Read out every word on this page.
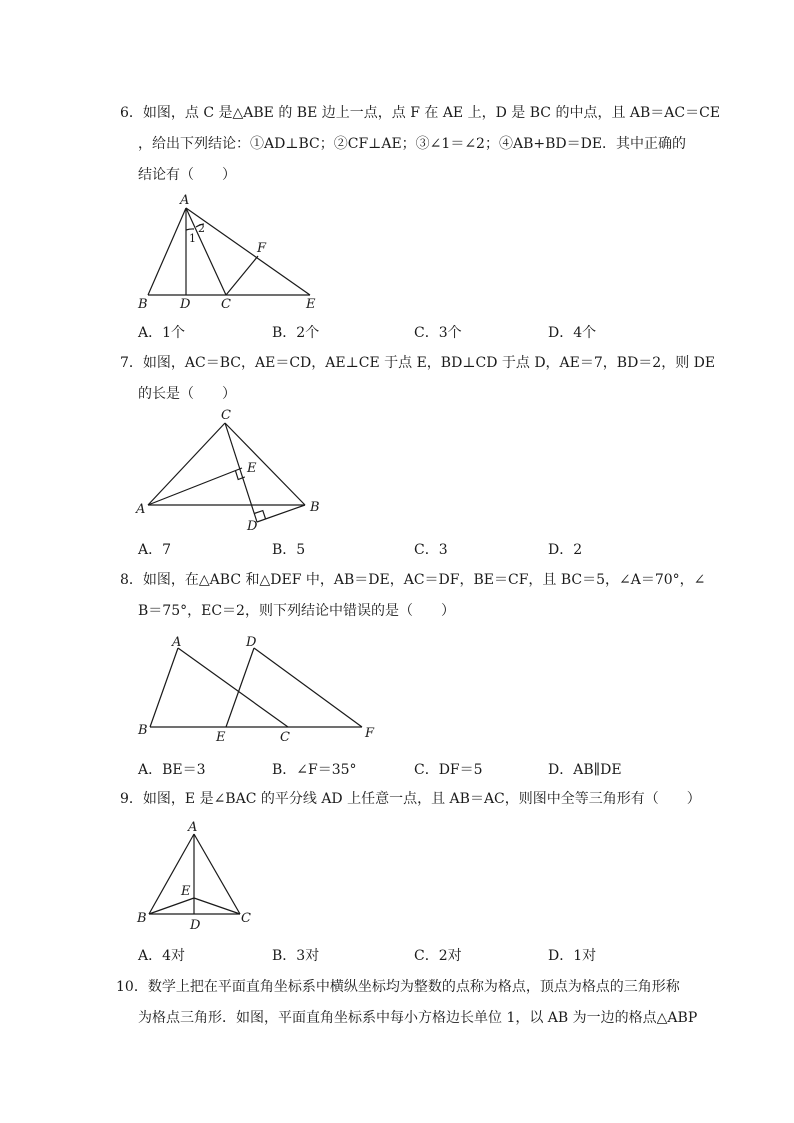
6．如图，点 C 是△ABE 的 BE 边上一点，点 F 在 AE 上，D 是 BC 的中点，且 AB＝AC＝CE
，给出下列结论：①AD⊥BC；②CF⊥AE；③∠1＝∠2；④AB+BD＝DE．其中正确的
结论有（　　）
A
2
1
F
B D C	E
A．1个	B．2个	C．3个	D．4个
7．如图，AC＝BC，AE＝CD，AE⊥CE 于点 E，BD⊥CD 于点 D，AE＝7，BD＝2，则 DE
的长是（　　）
C
E
A	B
D
A．7	B．5	C．3	D．2
8．如图，在△ABC 和△DEF 中，AB＝DE，AC＝DF，BE＝CF，且 BC＝5，∠A＝70°，∠
B＝75°，EC＝2，则下列结论中错误的是（　　）
A	D
B	E	C	F
A．BE＝3	B．∠F＝35°	C．DF＝5	D．AB∥DE
9．如图，E 是∠BAC 的平分线 AD 上任意一点，且 AB＝AC，则图中全等三角形有（　　）
A
E
B	C
D
A．4对	B．3对	C．2对	D．1对
10．数学上把在平面直角坐标系中横纵坐标均为整数的点称为格点，顶点为格点的三角形称
为格点三角形．如图，平面直角坐标系中每小方格边长单位 1，以 AB 为一边的格点△ABP
